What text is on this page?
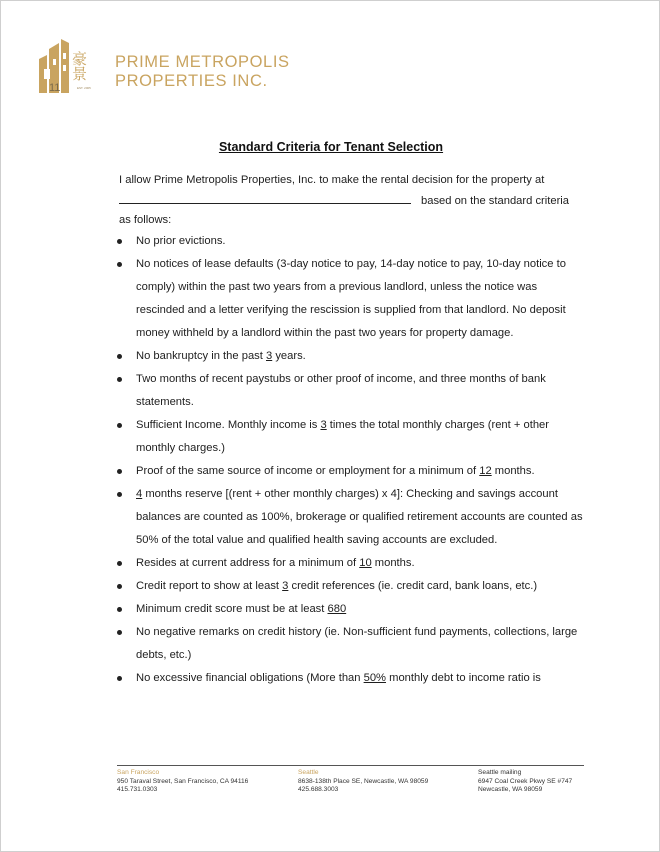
11	EST. 2005
豪景 PRIME METROPOLIS
PROPERTIES INC.
Standard Criteria for Tenant Selection
I allow Prime Metropolis Properties, Inc. to make the rental decision for the property at
based on the standard criteria
as follows:
No prior evictions.
No notices of lease defaults (3-day notice to pay, 14-day notice to pay, 10-day notice to comply) within the past two years from a previous landlord, unless the notice was rescinded and a letter verifying the rescission is supplied from that landlord. No deposit money withheld by a landlord within the past two years for property damage.
No bankruptcy in the past 3 years.
Two months of recent paystubs or other proof of income, and three months of bank statements.
Sufficient Income. Monthly income is 3 times the total monthly charges (rent + other monthly charges.)
Proof of the same source of income or employment for a minimum of 12 months.
4 months reserve [(rent + other monthly charges) x 4]: Checking and savings account balances are counted as 100%, brokerage or qualified retirement accounts are counted as 50% of the total value and qualified health saving accounts are excluded.
Resides at current address for a minimum of 10 months.
Credit report to show at least 3 credit references (ie. credit card, bank loans, etc.)
Minimum credit score must be at least 680
No negative remarks on credit history (ie. Non-sufficient fund payments, collections, large debts, etc.)
No excessive financial obligations (More than 50% monthly debt to income ratio is
San Francisco
950 Taraval Street, San Francisco, CA 94116
415.731.0303
Seattle
8638-138th Place SE, Newcastle, WA 98059
425.688.3003
Seattle mailing
6947 Coal Creek Pkwy SE #747
Newcastle, WA 98059
